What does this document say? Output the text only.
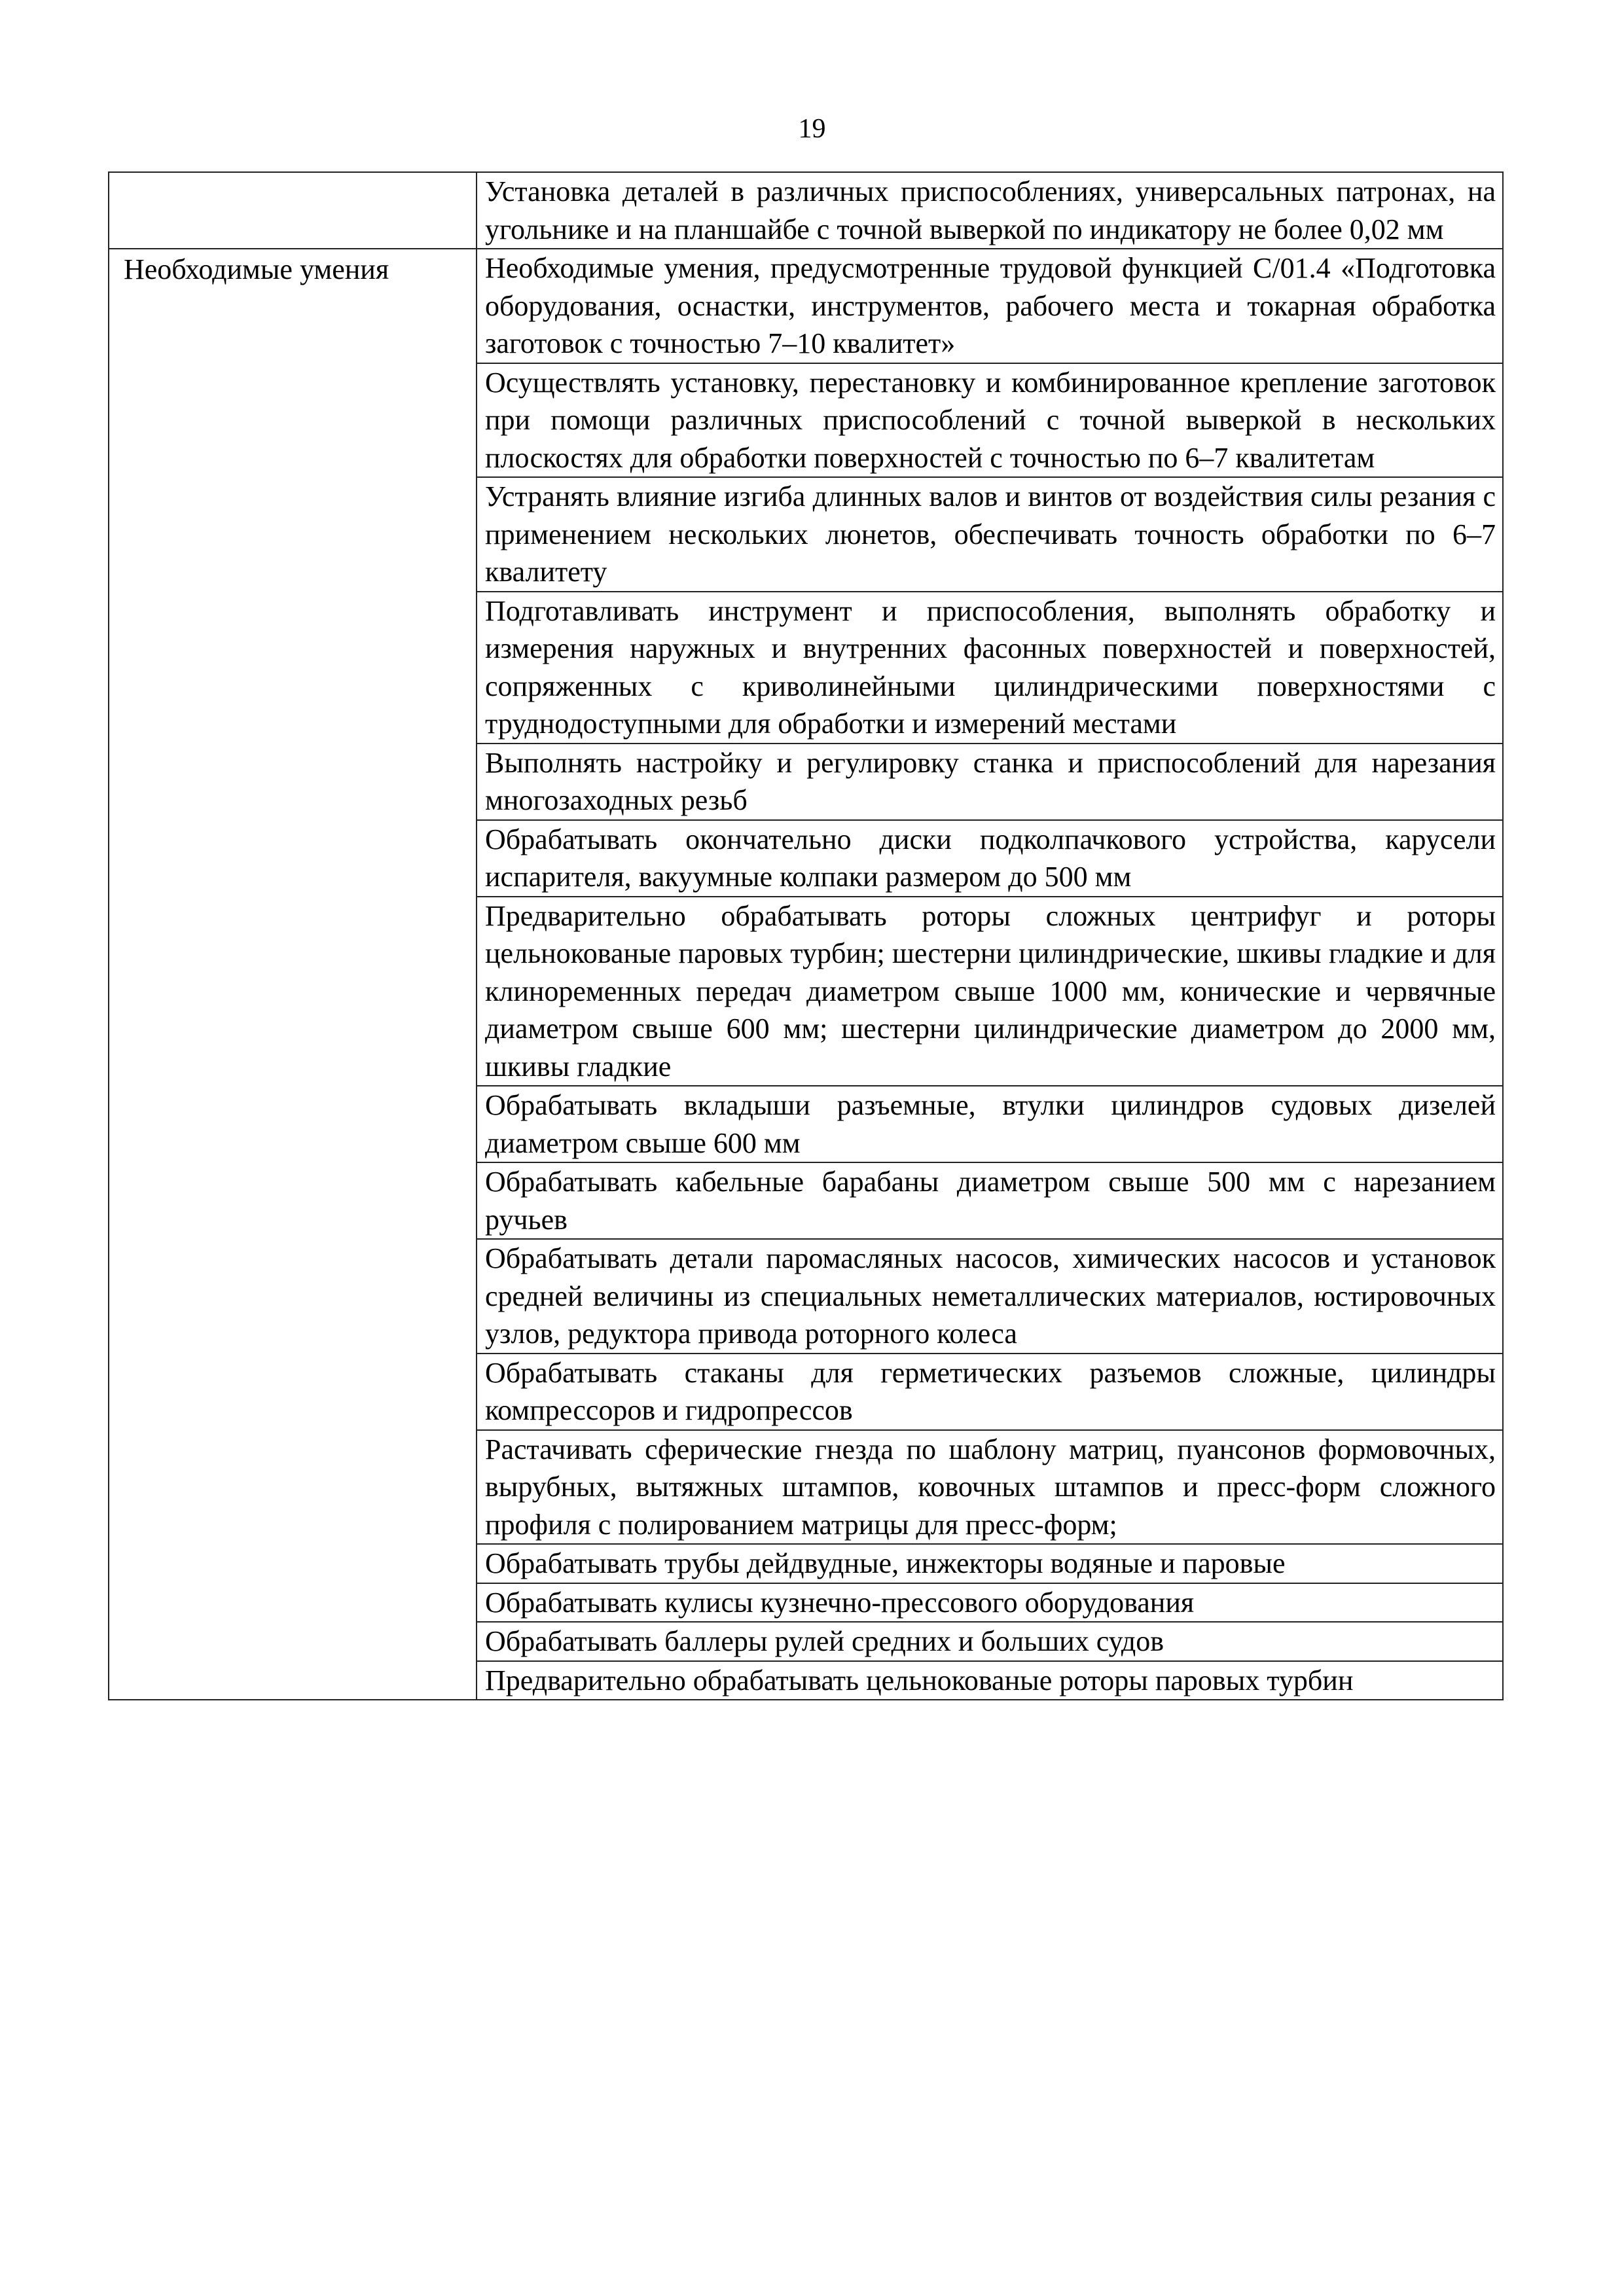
19

	Установка деталей в различных приспособлениях, универсальных патронах, на угольнике и на планшайбе с точной выверкой по индикатору не более 0,02 мм

Необходимые умения	Необходимые умения, предусмотренные трудовой функцией С/01.4 «Подготовка оборудования, оснастки, инструментов, рабочего места и токарная обработка заготовок с точностью 7–10 квалитет»

	Осуществлять установку, перестановку и комбинированное крепление заготовок при помощи различных приспособлений с точной выверкой в нескольких плоскостях для обработки поверхностей с точностью по 6–7 квалитетам

	Устранять влияние изгиба длинных валов и винтов от воздействия силы резания с применением нескольких люнетов, обеспечивать точность обработки по 6–7 квалитету

	Подготавливать инструмент и приспособления, выполнять обработку и измерения наружных и внутренних фасонных поверхностей и поверхностей, сопряженных с криволинейными цилиндрическими поверхностями с труднодоступными для обработки и измерений местами

	Выполнять настройку и регулировку станка и приспособлений для нарезания многозаходных резьб

	Обрабатывать окончательно диски подколпачкового устройства, карусели испарителя, вакуумные колпаки размером до 500 мм

	Предварительно обрабатывать роторы сложных центрифуг и роторы цельнокованые паровых турбин; шестерни цилиндрические, шкивы гладкие и для клиноременных передач диаметром свыше 1000 мм, конические и червячные диаметром свыше 600 мм; шестерни цилиндрические диаметром до 2000 мм, шкивы гладкие

	Обрабатывать вкладыши разъемные, втулки цилиндров судовых дизелей диаметром свыше 600 мм

	Обрабатывать кабельные барабаны диаметром свыше 500 мм с нарезанием ручьев

	Обрабатывать детали паромасляных насосов, химических насосов и установок средней величины из специальных неметаллических материалов, юстировочных узлов, редуктора привода роторного колеса

	Обрабатывать стаканы для герметических разъемов сложные, цилиндры компрессоров и гидропрессов

	Растачивать сферические гнезда по шаблону матриц, пуансонов формовочных, вырубных, вытяжных штампов, ковочных штампов и пресс-форм сложного профиля с полированием матрицы для пресс-форм;

	Обрабатывать трубы дейдвудные, инжекторы водяные и паровые

	Обрабатывать кулисы кузнечно-прессового оборудования

	Обрабатывать баллеры рулей средних и больших судов

	Предварительно обрабатывать цельнокованые роторы паровых турбин
